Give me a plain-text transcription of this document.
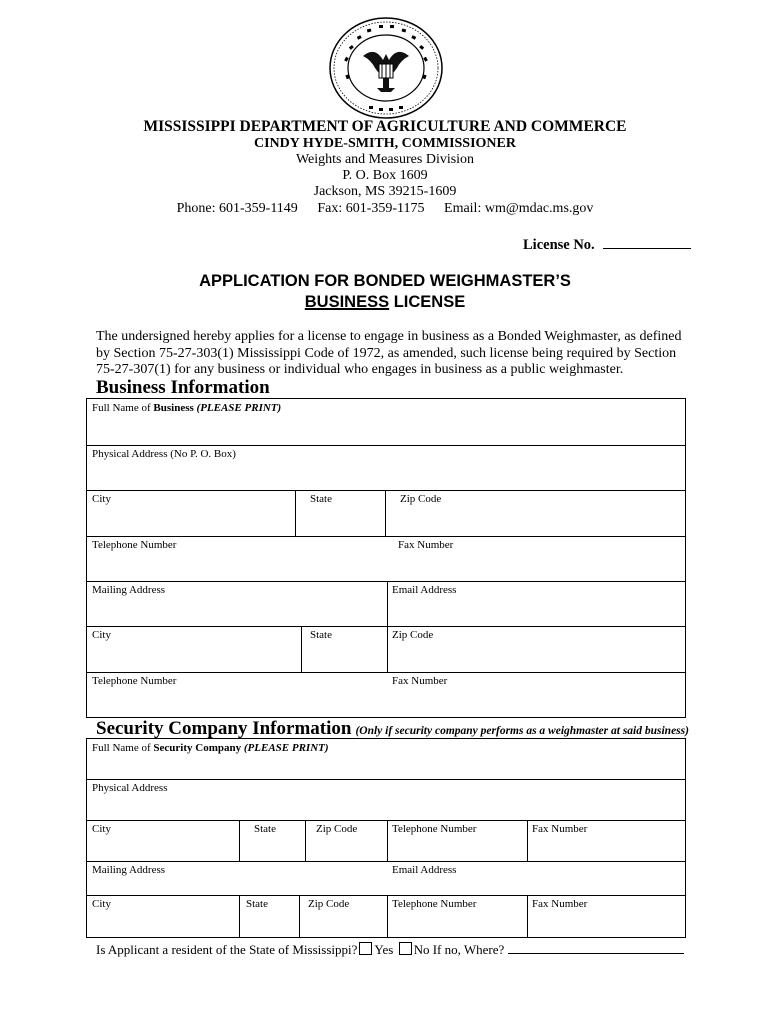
MISSISSIPPI DEPARTMENT OF AGRICULTURE AND COMMERCE
CINDY HYDE-SMITH, COMMISSIONER
Weights and Measures Division
P. O. Box 1609
Jackson, MS 39215-1609
Phone: 601-359-1149 Fax: 601-359-1175 Email: wm@mdac.ms.gov
License No.
APPLICATION FOR BONDED WEIGHMASTER’S
BUSINESS LICENSE
The undersigned hereby applies for a license to engage in business as a Bonded Weighmaster, as defined by Section 75-27-303(1) Mississippi Code of 1972, as amended, such license being required by Section 75-27-307(1) for any business or individual who engages in business as a public weighmaster.
Business Information
Full Name of Business (PLEASE PRINT)
Physical Address (No P. O. Box)
City	State	Zip Code
Telephone Number	Fax Number
Mailing Address	Email Address
City	State	Zip Code
Telephone Number	Fax Number
Security Company Information (Only if security company performs as a weighmaster at said business)
Full Name of Security Company (PLEASE PRINT)
Physical Address
City	State	Zip Code	Telephone Number	Fax Number
Mailing Address	Email Address
City	State	Zip Code	Telephone Number	Fax Number
Is Applicant a resident of the State of Mississippi? Yes No If no, Where?
